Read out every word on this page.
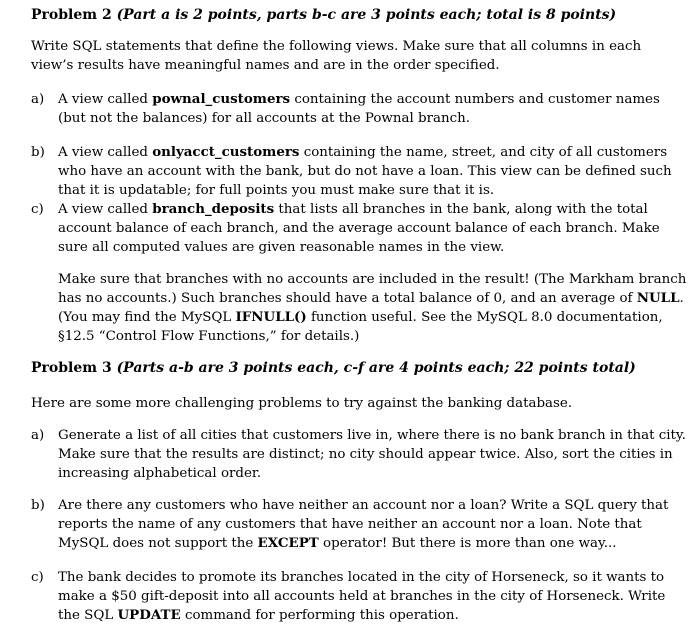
Problem 2 (Part a is 2 points, parts b-c are 3 points each; total is 8 points)
Write SQL statements that define the following views. Make sure that all columns in each view’s results have meaningful names and are in the order specified.
a)	A view called pownal_customers containing the account numbers and customer names (but not the balances) for all accounts at the Pownal branch.
b) A view called onlyacct_customers containing the name, street, and city of all customers who have an account with the bank, but do not have a loan. This view can be defined such that it is updatable; for full points you must make sure that it is.
c)	A view called branch_deposits that lists all branches in the bank, along with the total account balance of each branch, and the average account balance of each branch. Make sure all computed values are given reasonable names in the view.
Make sure that branches with no accounts are included in the result! (The Markham branch has no accounts.) Such branches should have a total balance of 0, and an average of NULL. (You may find the MySQL IFNULL() function useful. See the MySQL 8.0 documentation, §12.5 “Control Flow Functions,” for details.)
Problem 3 (Parts a-b are 3 points each, c-f are 4 points each; 22 points total)
Here are some more challenging problems to try against the banking database.
a)	Generate a list of all cities that customers live in, where there is no bank branch in that city. Make sure that the results are distinct; no city should appear twice. Also, sort the cities in increasing alphabetical order.
b) Are there any customers who have neither an account nor a loan? Write a SQL query that reports the name of any customers that have neither an account nor a loan. Note that MySQL does not support the EXCEPT operator! But there is more than one way...
c)	The bank decides to promote its branches located in the city of Horseneck, so it wants to make a $50 gift-deposit into all accounts held at branches in the city of Horseneck. Write the SQL UPDATE command for performing this operation.
